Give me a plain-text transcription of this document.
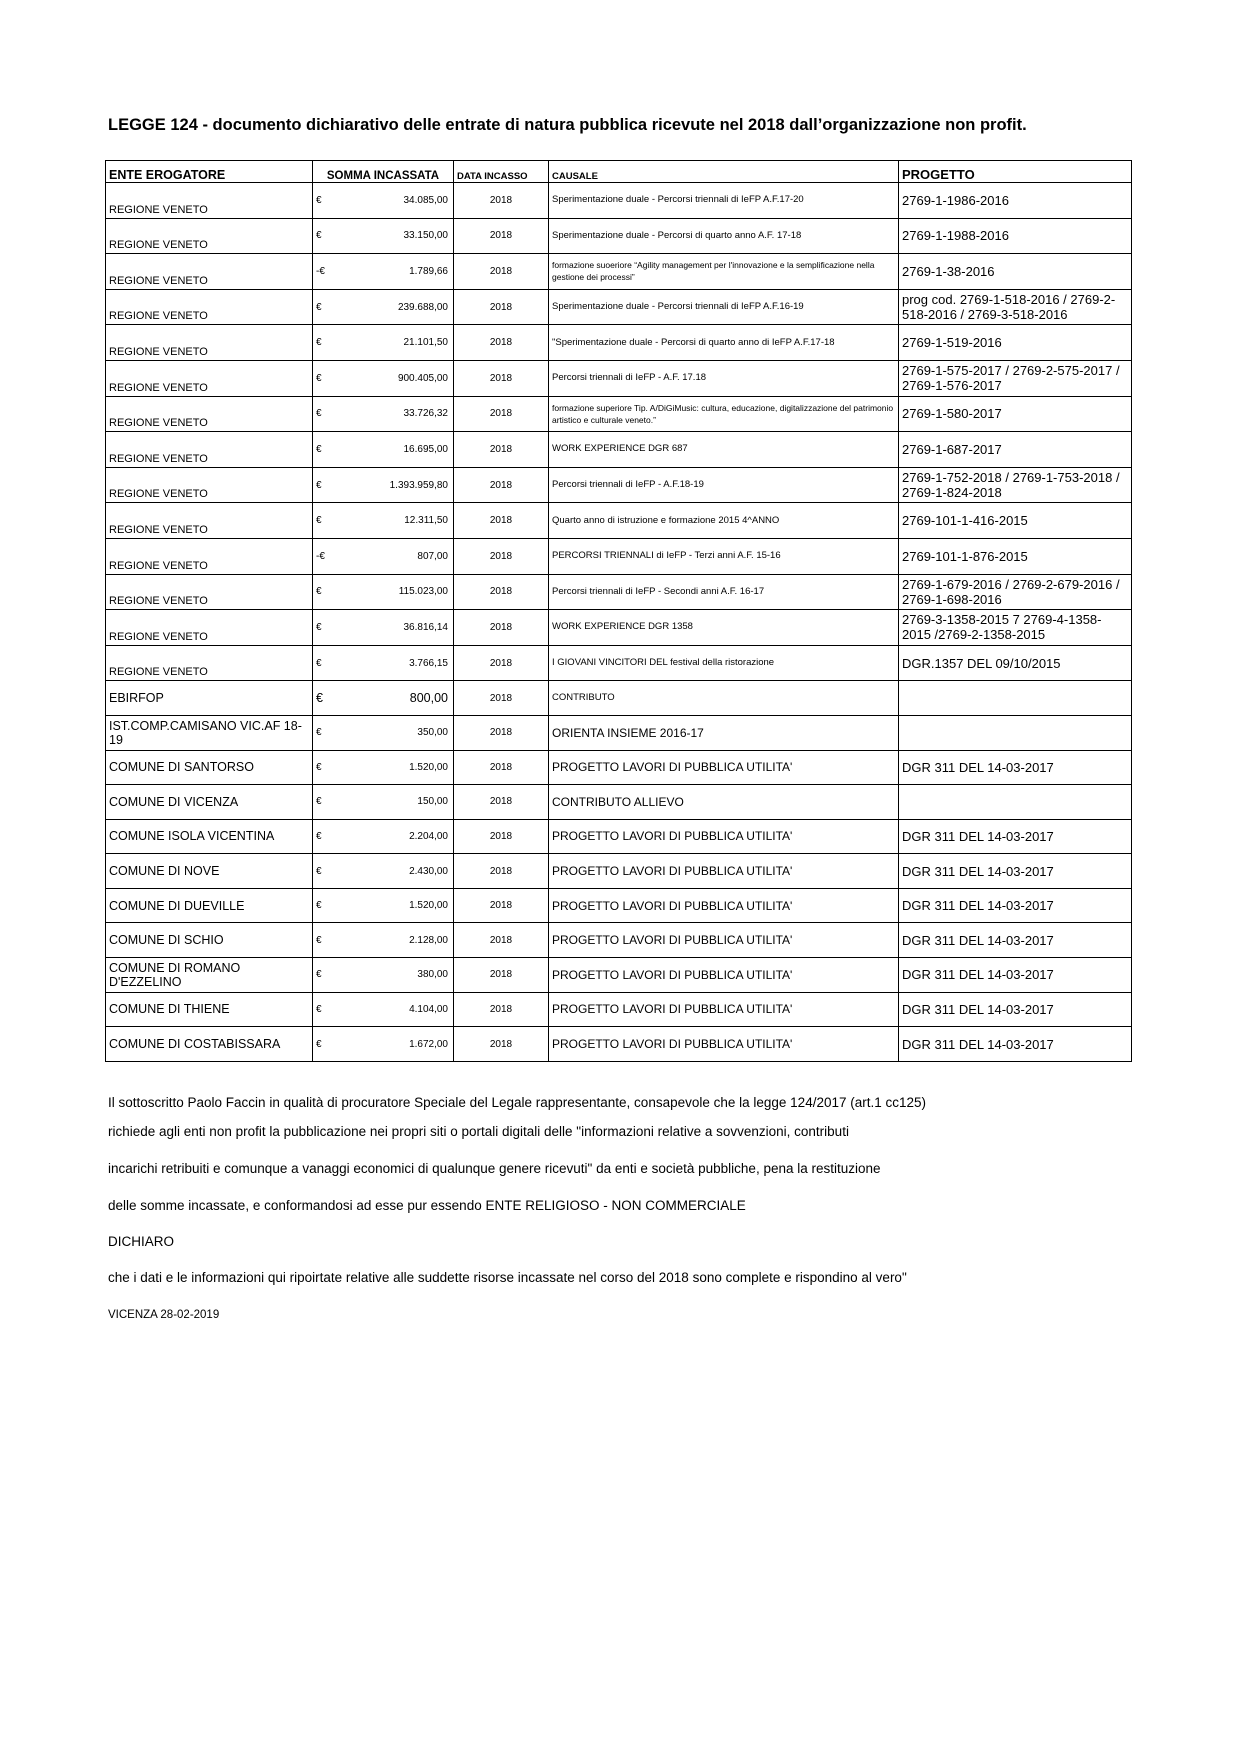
LEGGE 124 - documento dichiarativo delle entrate di natura pubblica ricevute nel 2018 dall’organizzazione non profit.
ENTE EROGATORE	SOMMA INCASSATA	DATA INCASSO	CAUSALE	PROGETTO
REGIONE VENETO	€ 34.085,00	2018	Sperimentazione duale - Percorsi triennali di IeFP A.F.17-20	2769-1-1986-2016
REGIONE VENETO	€ 33.150,00	2018	Sperimentazione duale - Percorsi di quarto anno A.F. 17-18	2769-1-1988-2016
REGIONE VENETO	-€ 1.789,66	2018	formazione suoeriore “Agility management per l'innovazione e la semplificazione nella gestione dei processi”	2769-1-38-2016
REGIONE VENETO	€ 239.688,00	2018	Sperimentazione duale - Percorsi triennali di IeFP A.F.16-19	prog cod. 2769-1-518-2016 / 2769-2-518-2016 / 2769-3-518-2016
REGIONE VENETO	€ 21.101,50	2018	"Sperimentazione duale - Percorsi di quarto anno di IeFP A.F.17-18	2769-1-519-2016
REGIONE VENETO	€ 900.405,00	2018	Percorsi triennali di IeFP - A.F. 17.18	2769-1-575-2017 / 2769-2-575-2017 / 2769-1-576-2017
REGIONE VENETO	€ 33.726,32	2018	formazione superiore Tip. A/DiGiMusic: cultura, educazione, digitalizzazione del patrimonio artistico e culturale veneto.”	2769-1-580-2017
REGIONE VENETO	€ 16.695,00	2018	WORK EXPERIENCE DGR 687	2769-1-687-2017
REGIONE VENETO	€ 1.393.959,80	2018	Percorsi triennali di IeFP - A.F.18-19	2769-1-752-2018 / 2769-1-753-2018 / 2769-1-824-2018
REGIONE VENETO	€ 12.311,50	2018	Quarto anno di istruzione e formazione 2015 4^ANNO	2769-101-1-416-2015
REGIONE VENETO	-€ 807,00	2018	PERCORSI TRIENNALI di IeFP - Terzi anni A.F. 15-16	2769-101-1-876-2015
REGIONE VENETO	€ 115.023,00	2018	Percorsi triennali di IeFP - Secondi anni A.F. 16-17	2769-1-679-2016 / 2769-2-679-2016 / 2769-1-698-2016
REGIONE VENETO	€ 36.816,14	2018	WORK EXPERIENCE DGR 1358	2769-3-1358-2015 7 2769-4-1358-2015 /2769-2-1358-2015
REGIONE VENETO	€ 3.766,15	2018	I GIOVANI VINCITORI DEL festival della ristorazione	DGR.1357 DEL 09/10/2015
EBIRFOP	€ 800,00	2018	CONTRIBUTO	
IST.COMP.CAMISANO VIC.AF 18-19	€ 350,00	2018	ORIENTA INSIEME 2016-17	
COMUNE DI SANTORSO	€ 1.520,00	2018	PROGETTO LAVORI DI PUBBLICA UTILITA'	DGR 311 DEL 14-03-2017
COMUNE DI VICENZA	€ 150,00	2018	CONTRIBUTO ALLIEVO	
COMUNE ISOLA VICENTINA	€ 2.204,00	2018	PROGETTO LAVORI DI PUBBLICA UTILITA'	DGR 311 DEL 14-03-2017
COMUNE DI NOVE	€ 2.430,00	2018	PROGETTO LAVORI DI PUBBLICA UTILITA'	DGR 311 DEL 14-03-2017
COMUNE DI DUEVILLE	€ 1.520,00	2018	PROGETTO LAVORI DI PUBBLICA UTILITA'	DGR 311 DEL 14-03-2017
COMUNE DI SCHIO	€ 2.128,00	2018	PROGETTO LAVORI DI PUBBLICA UTILITA'	DGR 311 DEL 14-03-2017
COMUNE DI ROMANO D'EZZELINO	€ 380,00	2018	PROGETTO LAVORI DI PUBBLICA UTILITA'	DGR 311 DEL 14-03-2017
COMUNE DI THIENE	€ 4.104,00	2018	PROGETTO LAVORI DI PUBBLICA UTILITA'	DGR 311 DEL 14-03-2017
COMUNE DI COSTABISSARA	€ 1.672,00	2018	PROGETTO LAVORI DI PUBBLICA UTILITA'	DGR 311 DEL 14-03-2017
Il sottoscritto Paolo Faccin in qualità di procuratore Speciale del Legale rappresentante, consapevole che la legge 124/2017 (art.1 cc125)
richiede agli enti non profit la pubblicazione nei propri siti o portali digitali delle "informazioni relative a sovvenzioni, contributi
incarichi retribuiti e comunque a vanaggi economici di qualunque genere ricevuti" da enti e società pubbliche, pena la restituzione
delle somme incassate, e conformandosi ad esse pur essendo ENTE RELIGIOSO - NON COMMERCIALE
DICHIARO
che i dati e le informazioni qui ripoirtate relative alle suddette risorse incassate nel corso del 2018 sono complete e rispondino al vero"
VICENZA 28-02-2019
